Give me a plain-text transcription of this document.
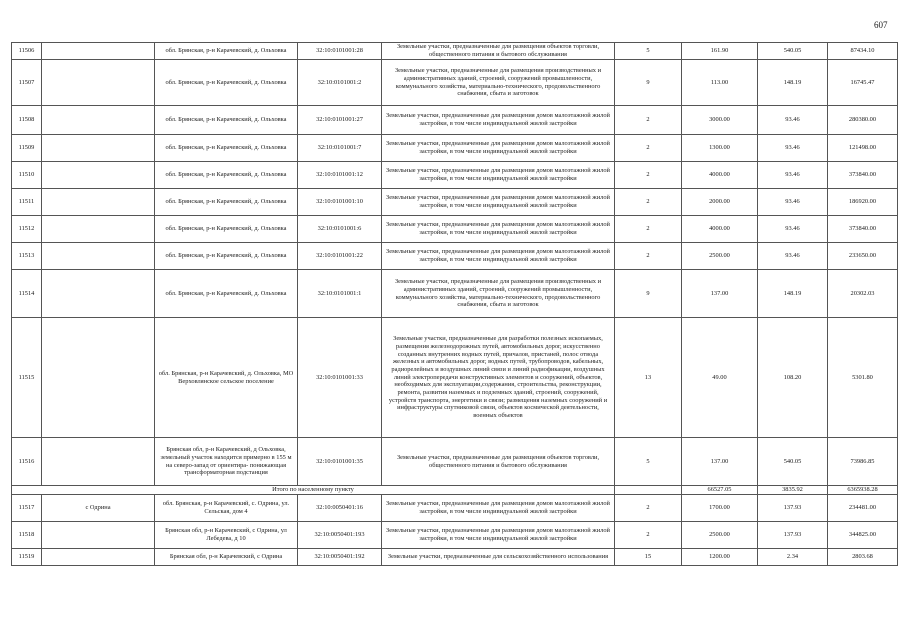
607
11506		обл. Брянская, р-н Карачевский, д. Ольховка	32:10:0101001:28	Земельные участки, предназначенные для размещения объектов торговли, общественного питания и бытового обслуживания	5	161.90	540.05	87434.10
11507		обл. Брянская, р-н Карачевский, д. Ольховка	32:10:0101001:2	Земельные участки, предназначенные для размещения производственных и административных зданий, строений, сооружений промышленности, коммунального хозяйства, материально-технического, продовольственного снабжения, сбыта и заготовок	9	113.00	148.19	16745.47
11508		обл. Брянская, р-н Карачевский, д. Ольховка	32:10:0101001:27	Земельные участки, предназначенные для размещения домов малоэтажной жилой застройки, в том числе индивидуальной жилой застройки	2	3000.00	93.46	280380.00
11509		обл. Брянская, р-н Карачевский, д. Ольховка	32:10:0101001:7	Земельные участки, предназначенные для размещения домов малоэтажной жилой застройки, в том числе индивидуальной жилой застройки	2	1300.00	93.46	121498.00
11510		обл. Брянская, р-н Карачевский, д. Ольховка	32:10:0101001:12	Земельные участки, предназначенные для размещения домов малоэтажной жилой застройки, в том числе индивидуальной жилой застройки	2	4000.00	93.46	373840.00
11511		обл. Брянская, р-н Карачевский, д. Ольховка	32:10:0101001:10	Земельные участки, предназначенные для размещения домов малоэтажной жилой застройки, в том числе индивидуальной жилой застройки	2	2000.00	93.46	186920.00
11512		обл. Брянская, р-н Карачевский, д. Ольховка	32:10:0101001:6	Земельные участки, предназначенные для размещения домов малоэтажной жилой застройки, в том числе индивидуальной жилой застройки	2	4000.00	93.46	373840.00
11513		обл. Брянская, р-н Карачевский, д. Ольховка	32:10:0101001:22	Земельные участки, предназначенные для размещения домов малоэтажной жилой застройки, в том числе индивидуальной жилой застройки	2	2500.00	93.46	233650.00
11514		обл. Брянская, р-н Карачевский, д. Ольховка	32:10:0101001:1	Земельные участки, предназначенные для размещения производственных и административных зданий, строений, сооружений промышленности, коммунального хозяйства, материально-технического, продовольственного снабжения, сбыта и заготовок	9	137.00	148.19	20302.03
11515		обл. Брянская, р-н Карачевский, д. Ольховка, МО Верховлянское сельское поселение	32:10:0101001:33	Земельные участки, предназначенные для разработки полезных ископаемых, размещения железнодорожных путей, автомобильных дорог, искусственно созданных внутренних водных путей, причалов, пристаней, полос отвода железных и автомобильных дорог, водных путей, трубопроводов, кабельных, радиорелейных и воздушных линий связи и линий радиофикации, воздушных линий электропередачи конструктивных элементов и сооружений, объектов, необходимых для эксплуатации,содержания, строительства, реконструкции, ремонта, развития наземных и подземных зданий, строений, сооружений, устройств транспорта, энергетики и связи; размещения наземных сооружений и инфраструктуры спутниковой связи, объектов космической деятельности, военных объектов	13	49.00	108.20	5301.80
11516		Брянская обл, р-н Карачевский, д Ольховка, земельный участок находится примерно в 155 м на северо-запад от ориентира- понижающая трансформаторная подстанция	32:10:0101001:35	Земельные участки, предназначенные для размещения объектов торговли, общественного питания и бытового обслуживания	5	137.00	540.05	73986.85
Итого по населенному пункту						66527.05	3835.92	6365938.28
11517	с Одрина	обл. Брянская, р-н Карачевский, с. Одрина, ул. Сельская, дом 4	32:10:0050401:16	Земельные участки, предназначенные для размещения домов малоэтажной жилой застройки, в том числе индивидуальной жилой застройки	2	1700.00	137.93	234481.00
11518		Брянская обл, р-н Карачевский, с Одрина, ул Лебедева, д 10	32:10:0050401:193	Земельные участки, предназначенные для размещения домов малоэтажной жилой застройки, в том числе индивидуальной жилой застройки	2	2500.00	137.93	344825.00
11519		Брянская обл, р-н Карачевский, с Одрина	32:10:0050401:192	Земельные участки, предназначенные для сельскохозяйственного использования	15	1200.00	2.34	2803.68
